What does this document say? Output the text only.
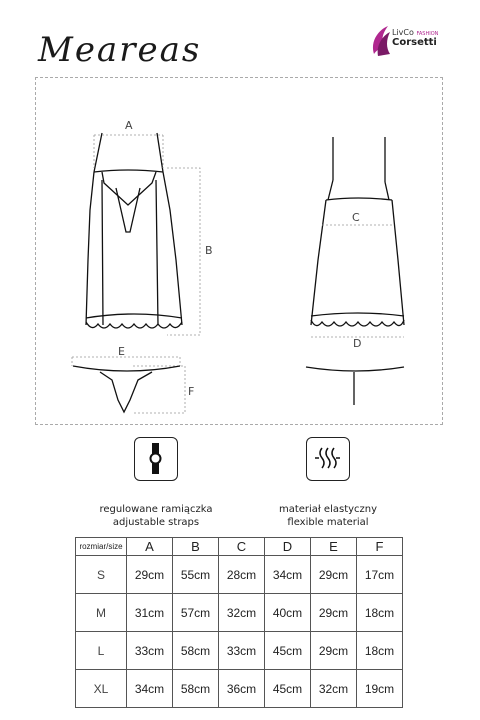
Meareas	LivCo FASHION
Corsetti
A
B
E
F
C
D
regulowane ramiączka
adjustable straps
materiał elastyczny
flexible material
rozmiar/size	A	B	C	D	E	F
S	29cm	55cm	28cm	34cm	29cm	17cm
M	31cm	57cm	32cm	40cm	29cm	18cm
L	33cm	58cm	33cm	45cm	29cm	18cm
XL	34cm	58cm	36cm	45cm	32cm	19cm
